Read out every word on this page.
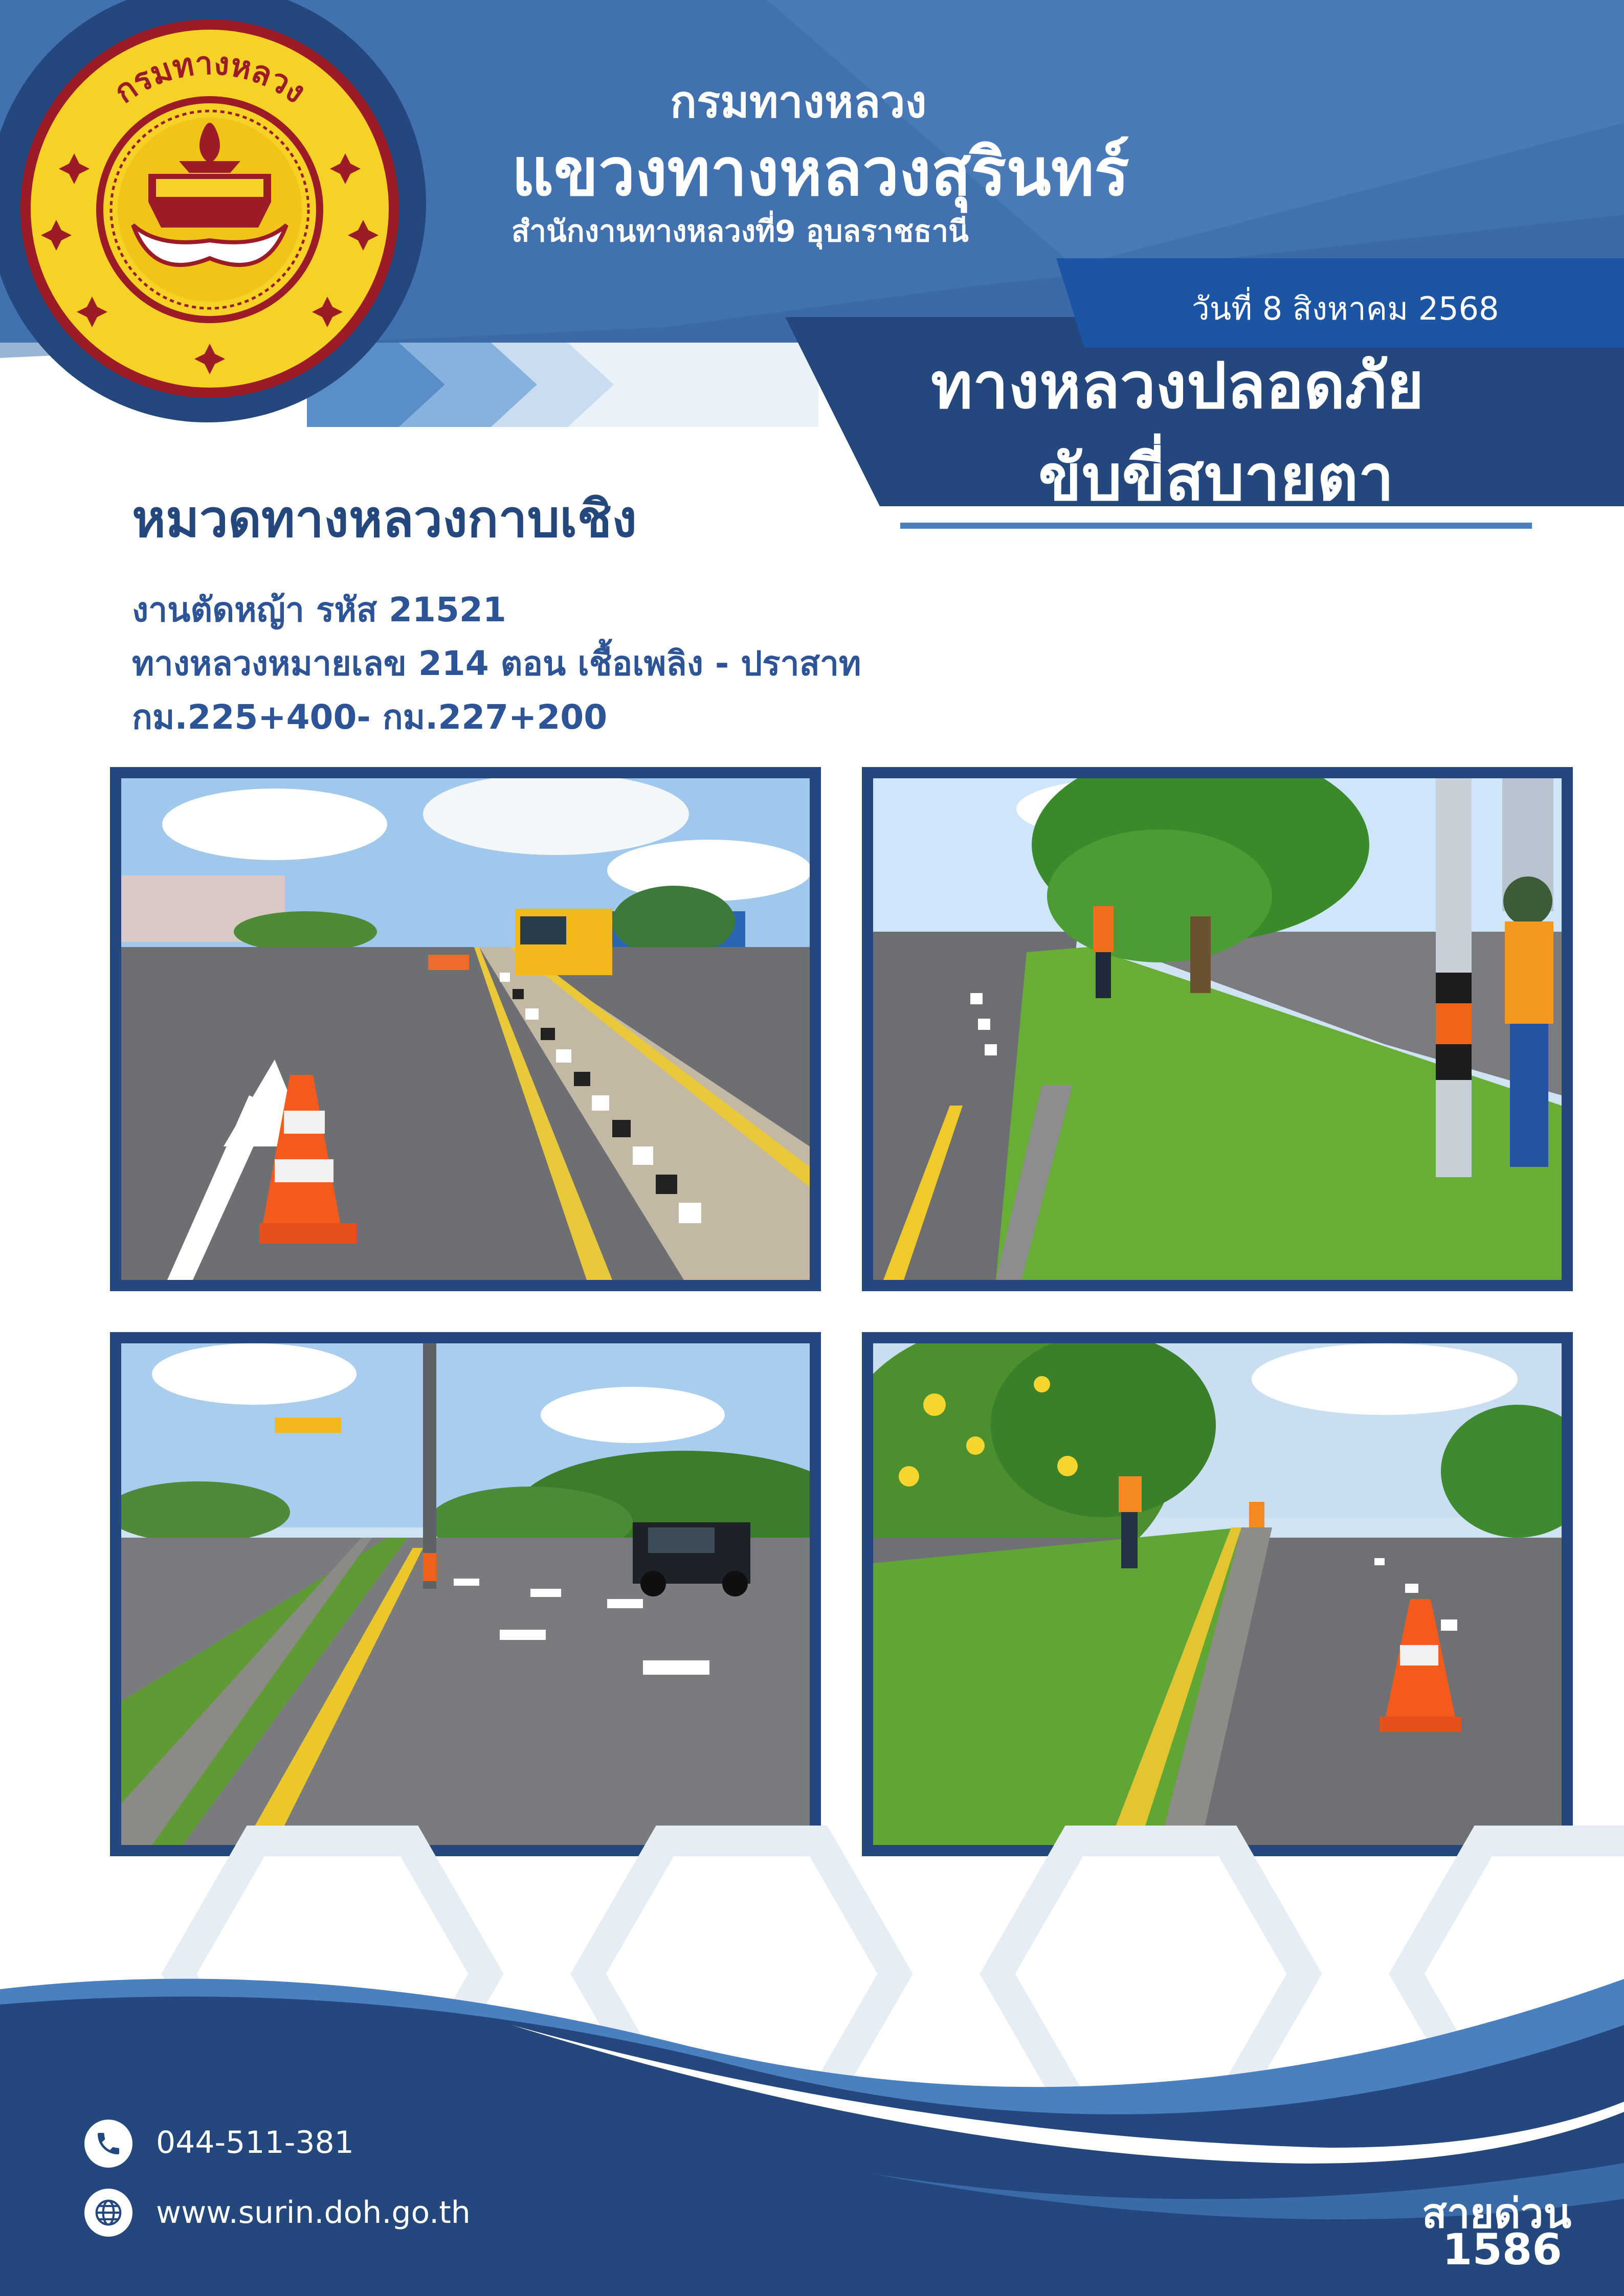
กรมทางหลวง	กรมทางหลวง
แขวงทางหลวงสุรินทร์
สำนักงานทางหลวงที่9 อุบลราชธานี
วันที่ 8 สิงหาคม 2568
ทางหลวงปลอดภัย
ขับขี่สบายตา
หมวดทางหลวงกาบเชิง
งานตัดหญ้า รหัส 21521
ทางหลวงหมายเลข 214 ตอน เชื้อเพลิง - ปราสาท
กม.225+400- กม.227+200
044-511-381
www.surin.doh.go.th	สายด่วน
1586
